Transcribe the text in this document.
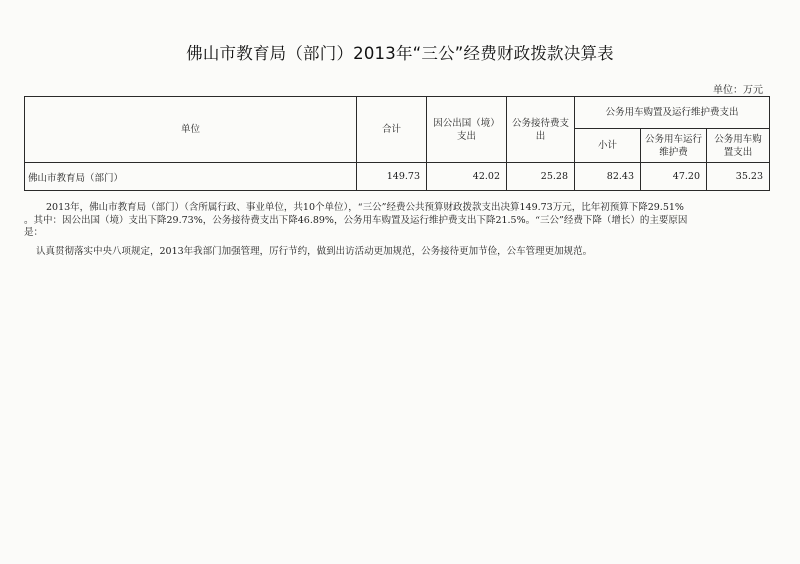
佛山市教育局（部门）2013年“三公”经费财政拨款决算表
单位：万元
单位	合计	因公出国（境）支出	公务接待费支出	公务用车购置及运行维护费支出		
				小计	公务用车运行维护费	公务用车购置支出
佛山市教育局（部门）	149.73	42.02	25.28	82.43	47.20	35.23
2013年，佛山市教育局（部门）（含所属行政、事业单位，共10个单位），“三公”经费公共预算财政拨款支出决算149.73万元，比年初预算下降29.51%
。其中：因公出国（境）支出下降29.73%，公务接待费支出下降46.89%，公务用车购置及运行维护费支出下降21.5%。“三公”经费下降（增长）的主要原因
是：
认真贯彻落实中央八项规定，2013年我部门加强管理，厉行节约，做到出访活动更加规范，公务接待更加节俭，公车管理更加规范。
